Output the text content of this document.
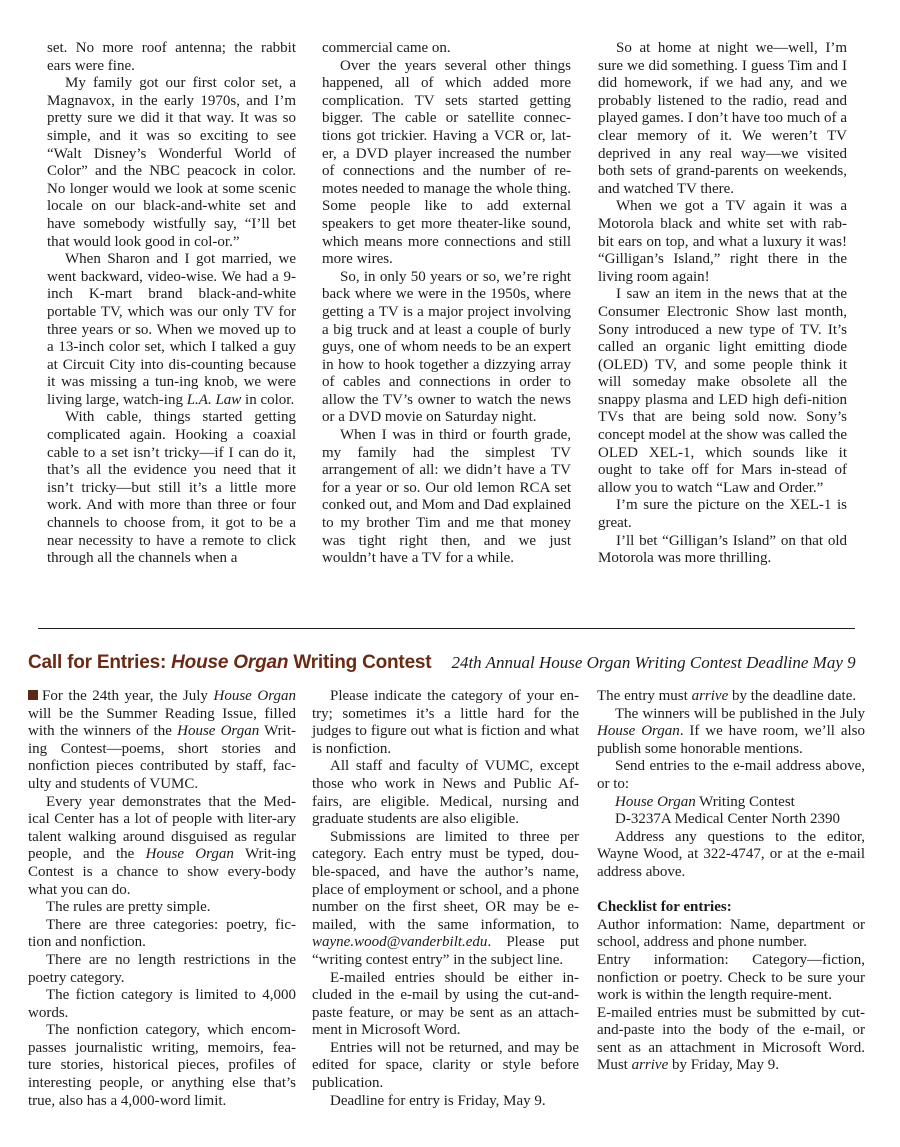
set. No more roof antenna; the rabbit ears were fine.

My family got our first color set, a Magnavox, in the early 1970s, and I’m pretty sure we did it that way. It was so simple, and it was so exciting to see “Walt Disney’s Wonderful World of Color” and the NBC peacock in color. No longer would we look at some scenic locale on our black-and-white set and have somebody wistfully say, “I’ll bet that would look good in col-or.”

When Sharon and I got married, we went backward, video-wise. We had a 9-inch K-mart brand black-and-white portable TV, which was our only TV for three years or so. When we moved up to a 13-inch color set, which I talked a guy at Circuit City into dis-counting because it was missing a tun-ing knob, we were living large, watch-ing L.A. Law in color.

With cable, things started getting complicated again. Hooking a coaxial cable to a set isn’t tricky—if I can do it, that’s all the evidence you need that it isn’t tricky—but still it’s a little more work. And with more than three or four channels to choose from, it got to be a near necessity to have a remote to click through all the channels when a

commercial came on.

Over the years several other things happened, all of which added more complication. TV sets started getting bigger. The cable or satellite connec-tions got trickier. Having a VCR or, lat-er, a DVD player increased the number of connections and the number of re-motes needed to manage the whole thing. Some people like to add external speakers to get more theater-like sound, which means more connections and still more wires.

So, in only 50 years or so, we’re right back where we were in the 1950s, where getting a TV is a major project involving a big truck and at least a couple of burly guys, one of whom needs to be an expert in how to hook together a dizzying array of cables and connections in order to allow the TV’s owner to watch the news or a DVD movie on Saturday night.

When I was in third or fourth grade, my family had the simplest TV arrangement of all: we didn’t have a TV for a year or so. Our old lemon RCA set conked out, and Mom and Dad explained to my brother Tim and me that money was tight right then, and we just wouldn’t have a TV for a while.

So at home at night we—well, I’m sure we did something. I guess Tim and I did homework, if we had any, and we probably listened to the radio, read and played games. I don’t have too much of a clear memory of it. We weren’t TV deprived in any real way—we visited both sets of grand-parents on weekends, and watched TV there.

When we got a TV again it was a Motorola black and white set with rab-bit ears on top, and what a luxury it was! “Gilligan’s Island,” right there in the living room again!

I saw an item in the news that at the Consumer Electronic Show last month, Sony introduced a new type of TV. It’s called an organic light emitting diode (OLED) TV, and some people think it will someday make obsolete all the snappy plasma and LED high defi-nition TVs that are being sold now. Sony’s concept model at the show was called the OLED XEL-1, which sounds like it ought to take off for Mars in-stead of allow you to watch “Law and Order.”

I’m sure the picture on the XEL-1 is great.

I’ll bet “Gilligan’s Island” on that old Motorola was more thrilling.

Call for Entries: House Organ Writing Contest 24th Annual House Organ Writing Contest Deadline May 9

For the 24th year, the July House Organ will be the Summer Reading Issue, filled with the winners of the House Organ Writ-ing Contest—poems, short stories and nonfiction pieces contributed by staff, fac-ulty and students of VUMC.

Every year demonstrates that the Med-ical Center has a lot of people with liter-ary talent walking around disguised as regular people, and the House Organ Writ-ing Contest is a chance to show every-body what you can do.

The rules are pretty simple.

There are three categories: poetry, fic-tion and nonfiction.

There are no length restrictions in the poetry category.

The fiction category is limited to 4,000 words.

The nonfiction category, which encom-passes journalistic writing, memoirs, fea-ture stories, historical pieces, profiles of interesting people, or anything else that’s true, also has a 4,000-word limit.

Please indicate the category of your en-try; sometimes it’s a little hard for the judges to figure out what is fiction and what is nonfiction.

All staff and faculty of VUMC, except those who work in News and Public Af-fairs, are eligible. Medical, nursing and graduate students are also eligible.

Submissions are limited to three per category. Each entry must be typed, dou-ble-spaced, and have the author’s name, place of employment or school, and a phone number on the first sheet, OR may be e-mailed, with the same information, to wayne.wood@vanderbilt.edu. Please put “writing contest entry” in the subject line.

E-mailed entries should be either in-cluded in the e-mail by using the cut-and-paste feature, or may be sent as an attach-ment in Microsoft Word.

Entries will not be returned, and may be edited for space, clarity or style before publication.

Deadline for entry is Friday, May 9.

The entry must arrive by the deadline date.

The winners will be published in the July House Organ. If we have room, we’ll also publish some honorable mentions.

Send entries to the e-mail address above, or to:

House Organ Writing Contest

D-3237A Medical Center North 2390

Address any questions to the editor, Wayne Wood, at 322-4747, or at the e-mail address above.

Checklist for entries:

Author information: Name, department or school, address and phone number.

Entry information: Category—fiction, nonfiction or poetry. Check to be sure your work is within the length require-ment.

E-mailed entries must be submitted by cut-and-paste into the body of the e-mail, or sent as an attachment in Microsoft Word. Must arrive by Friday, May 9.
